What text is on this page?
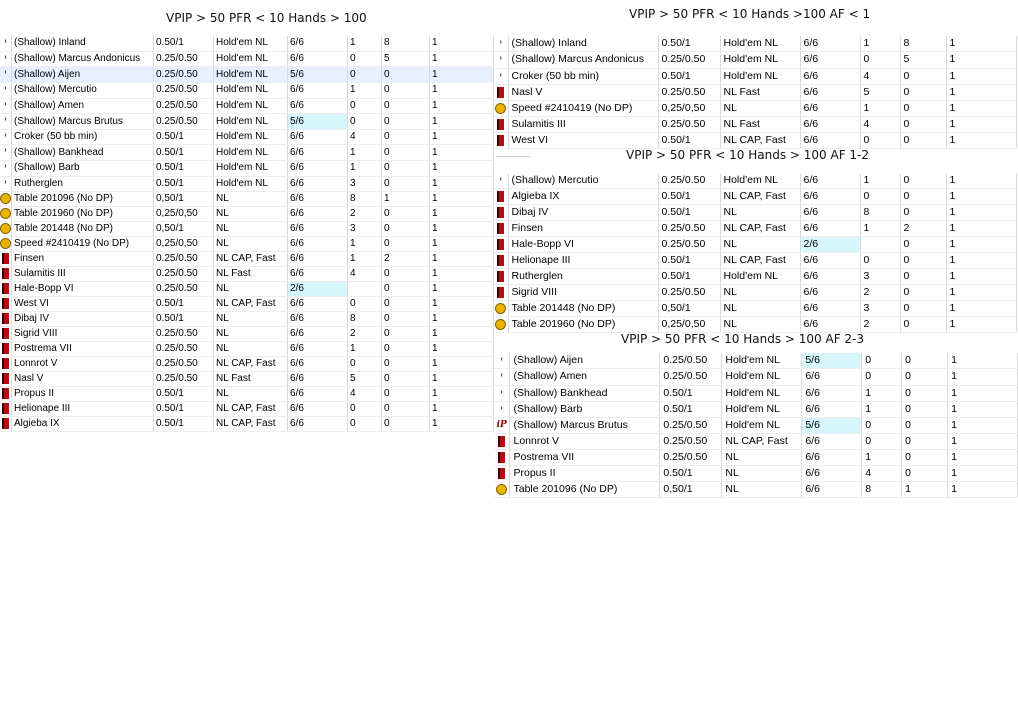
VPIP > 50 PFR < 10 Hands > 100
ᴵ	(Shallow) Inland	0.50/1	Hold'em NL	6/6	1	8	1
ᴵ	(Shallow) Marcus Andonicus	0.25/0.50	Hold'em NL	6/6	0	5	1
ᴵ	(Shallow) Aijen	0.25/0.50	Hold'em NL	5/6	0	0	1
ᴵ	(Shallow) Mercutio	0.25/0.50	Hold'em NL	6/6	1	0	1
ᴵ	(Shallow) Amen	0.25/0.50	Hold'em NL	6/6	0	0	1
ᴵ	(Shallow) Marcus Brutus	0.25/0.50	Hold'em NL	5/6	0	0	1
ᴵ	Croker (50 bb min)	0.50/1	Hold'em NL	6/6	4	0	1
ᴵ	(Shallow) Bankhead	0.50/1	Hold'em NL	6/6	1	0	1
ᴵ	(Shallow) Barb	0.50/1	Hold'em NL	6/6	1	0	1
ᴵ	Rutherglen	0.50/1	Hold'em NL	6/6	3	0	1
	Table 201096 (No DP)	0,50/1	NL	6/6	8	1	1
	Table 201960 (No DP)	0,25/0,50	NL	6/6	2	0	1
	Table 201448 (No DP)	0,50/1	NL	6/6	3	0	1
	Speed #2410419 (No DP)	0,25/0,50	NL	6/6	1	0	1
	Finsen	0.25/0.50	NL CAP, Fast	6/6	1	2	1
	Sulamitis III	0.25/0.50	NL Fast	6/6	4	0	1
	Hale-Bopp VI	0.25/0.50	NL	2/6		0	1
	West VI	0.50/1	NL CAP, Fast	6/6	0	0	1
	Dibaj IV	0.50/1	NL	6/6	8	0	1
	Sigrid VIII	0.25/0.50	NL	6/6	2	0	1
	Postrema VII	0.25/0.50	NL	6/6	1	0	1
	Lonnrot V	0.25/0.50	NL CAP, Fast	6/6	0	0	1
	Nasl V	0.25/0.50	NL Fast	6/6	5	0	1
	Propus II	0.50/1	NL	6/6	4	0	1
	Helionape III	0.50/1	NL CAP, Fast	6/6	0	0	1
	Algieba IX	0.50/1	NL CAP, Fast	6/6	0	0	1
VPIP > 50 PFR < 10 Hands >100 AF < 1
ᴵ	(Shallow) Inland	0.50/1	Hold'em NL	6/6	1	8	1
ᴵ	(Shallow) Marcus Andonicus	0.25/0.50	Hold'em NL	6/6	0	5	1
ᴵ	Croker (50 bb min)	0.50/1	Hold'em NL	6/6	4	0	1
	Nasl V	0.25/0.50	NL Fast	6/6	5	0	1
	Speed #2410419 (No DP)	0,25/0,50	NL	6/6	1	0	1
	Sulamitis III	0.25/0.50	NL Fast	6/6	4	0	1
	West VI	0.50/1	NL CAP, Fast	6/6	0	0	1
VPIP > 50 PFR < 10 Hands > 100 AF 1-2
ᴵ	(Shallow) Mercutio	0.25/0.50	Hold'em NL	6/6	1	0	1
	Algieba IX	0.50/1	NL CAP, Fast	6/6	0	0	1
	Dibaj IV	0.50/1	NL	6/6	8	0	1
	Finsen	0.25/0.50	NL CAP, Fast	6/6	1	2	1
	Hale-Bopp VI	0.25/0.50	NL	2/6		0	1
	Helionape III	0.50/1	NL CAP, Fast	6/6	0	0	1
	Rutherglen	0.50/1	Hold'em NL	6/6	3	0	1
	Sigrid VIII	0.25/0.50	NL	6/6	2	0	1
	Table 201448 (No DP)	0,50/1	NL	6/6	3	0	1
	Table 201960 (No DP)	0,25/0,50	NL	6/6	2	0	1
VPIP > 50 PFR < 10 Hands > 100 AF 2-3
ᴵ	(Shallow) Aijen	0.25/0.50	Hold'em NL	5/6	0	0	1
ᴵ	(Shallow) Amen	0.25/0.50	Hold'em NL	6/6	0	0	1
ᴵ	(Shallow) Bankhead	0.50/1	Hold'em NL	6/6	1	0	1
ᴵ	(Shallow) Barb	0.50/1	Hold'em NL	6/6	1	0	1
iP	(Shallow) Marcus Brutus	0.25/0.50	Hold'em NL	5/6	0	0	1
	Lonnrot V	0.25/0.50	NL CAP, Fast	6/6	0	0	1
	Postrema VII	0.25/0.50	NL	6/6	1	0	1
	Propus II	0.50/1	NL	6/6	4	0	1
	Table 201096 (No DP)	0,50/1	NL	6/6	8	1	1
